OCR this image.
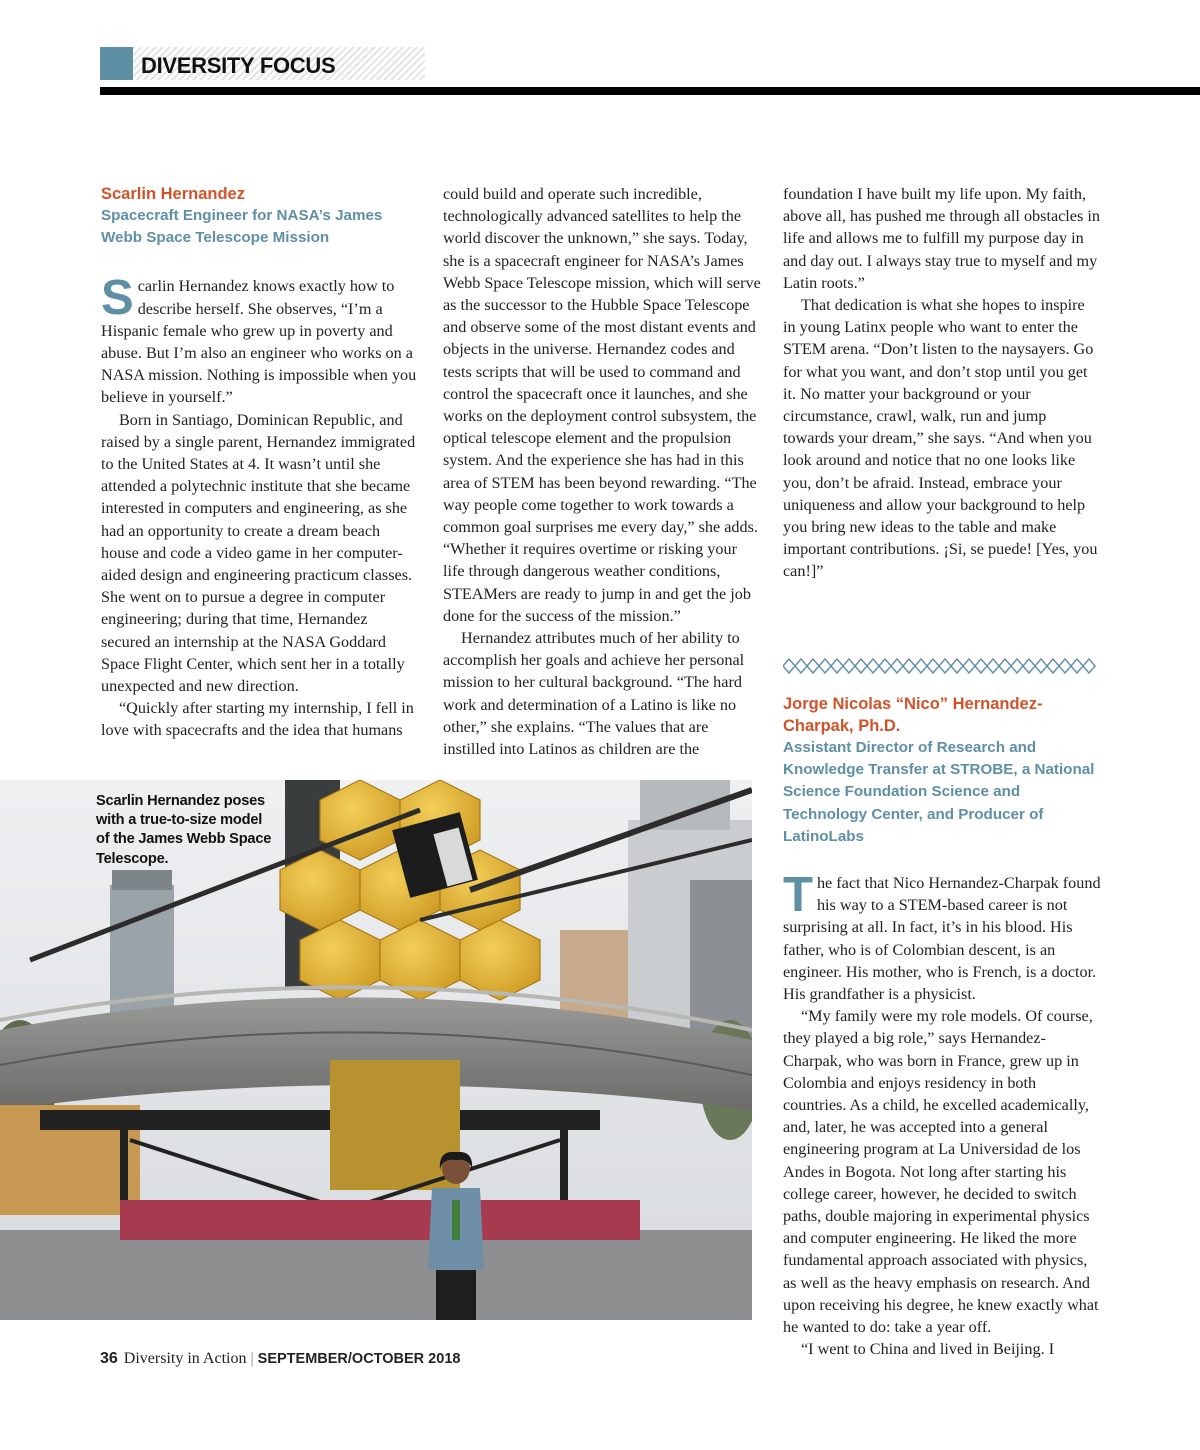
DIVERSITY FOCUS
Scarlin Hernandez
Spacecraft Engineer for NASA’s James Webb Space Telescope Mission

Scarlin Hernandez knows exactly how to describe herself. She observes, “I’m a Hispanic female who grew up in poverty and abuse. But I’m also an engineer who works on a NASA mission. Nothing is impossible when you believe in yourself.”

Born in Santiago, Dominican Republic, and raised by a single parent, Hernandez immigrated to the United States at 4. It wasn’t until she attended a polytechnic institute that she became interested in computers and engineering, as she had an opportunity to create a dream beach house and code a video game in her computer-aided design and engineering practicum classes. She went on to pursue a degree in computer engineering; during that time, Hernandez secured an internship at the NASA Goddard Space Flight Center, which sent her in a totally unexpected and new direction.

“Quickly after starting my internship, I fell in love with spacecrafts and the idea that humans

could build and operate such incredible, technologically advanced satellites to help the world discover the unknown,” she says. Today, she is a spacecraft engineer for NASA’s James Webb Space Telescope mission, which will serve as the successor to the Hubble Space Telescope and observe some of the most distant events and objects in the universe. Hernandez codes and tests scripts that will be used to command and control the spacecraft once it launches, and she works on the deployment control subsystem, the optical telescope element and the propulsion system. And the experience she has had in this area of STEM has been beyond rewarding. “The way people come together to work towards a common goal surprises me every day,” she adds. “Whether it requires overtime or risking your life through dangerous weather conditions, STEAMers are ready to jump in and get the job done for the success of the mission.”

Hernandez attributes much of her ability to accomplish her goals and achieve her personal mission to her cultural background. “The hard work and determination of a Latino is like no other,” she explains. “The values that are instilled into Latinos as children are the

foundation I have built my life upon. My faith, above all, has pushed me through all obstacles in life and allows me to fulfill my purpose day in and day out. I always stay true to myself and my Latin roots.”

That dedication is what she hopes to inspire in young Latinx people who want to enter the STEM arena. “Don’t listen to the naysayers. Go for what you want, and don’t stop until you get it. No matter your background or your circumstance, crawl, walk, run and jump towards your dream,” she says. “And when you look around and notice that no one looks like you, don’t be afraid. Instead, embrace your uniqueness and allow your background to help you bring new ideas to the table and make important contributions. ¡Si, se puede! [Yes, you can!]”

Jorge Nicolas “Nico” Hernandez-Charpak, Ph.D.
Assistant Director of Research and Knowledge Transfer at STROBE, a National Science Foundation Science and Technology Center, and Producer of LatinoLabs

The fact that Nico Hernandez-Charpak found his way to a STEM-based career is not surprising at all. In fact, it’s in his blood. His father, who is of Colombian descent, is an engineer. His mother, who is French, is a doctor. His grandfather is a physicist.

“My family were my role models. Of course, they played a big role,” says Hernandez-Charpak, who was born in France, grew up in Colombia and enjoys residency in both countries. As a child, he excelled academically, and, later, he was accepted into a general engineering program at La Universidad de los Andes in Bogota. Not long after starting his college career, however, he decided to switch paths, double majoring in experimental physics and computer engineering. He liked the more fundamental approach associated with physics, as well as the heavy emphasis on research. And upon receiving his degree, he knew exactly what he wanted to do: take a year off.

“I went to China and lived in Beijing. I

Scarlin Hernandez poses with a true-to-size model of the James Webb Space Telescope.
36 Diversity in Action | SEPTEMBER/OCTOBER 2018
